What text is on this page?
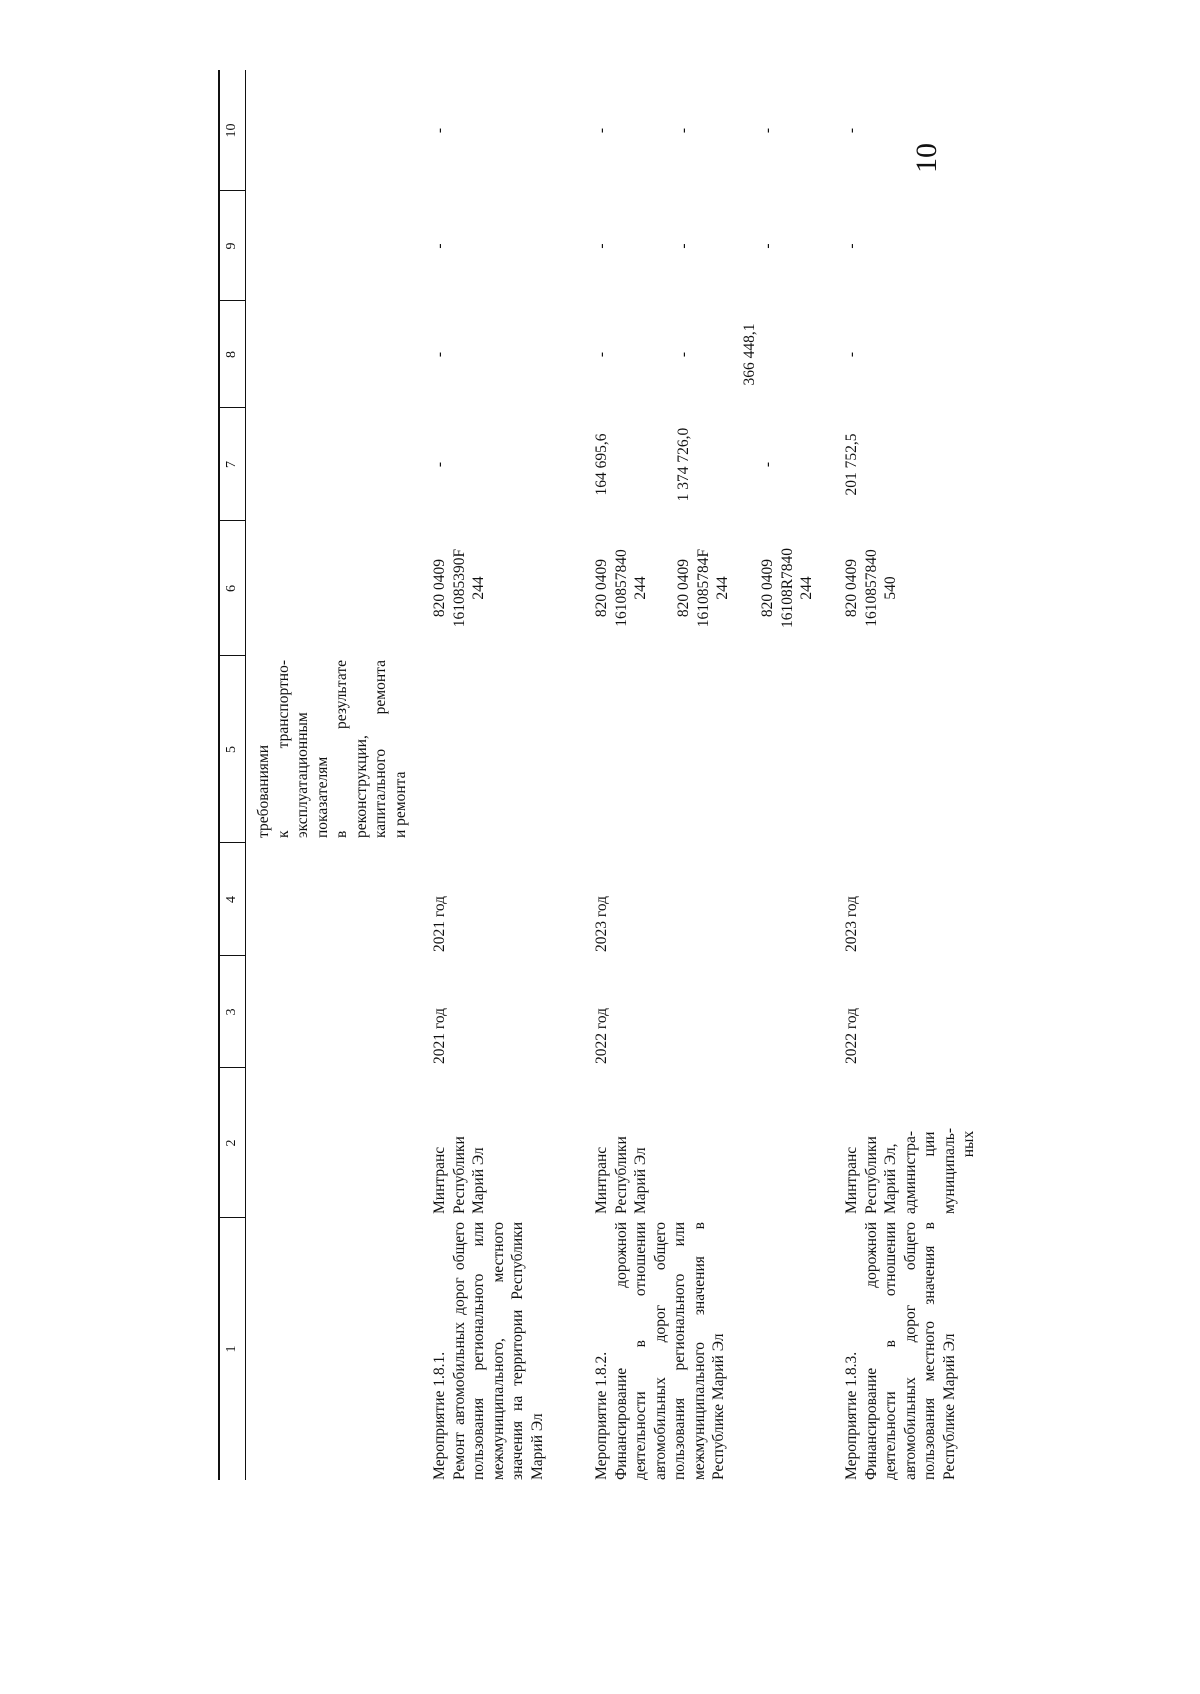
10
1
2
3
4
5
6
7
8
9
10
требованиями к транспортно- эксплуатационным показателям в результате реконструкции, капитального ремонта и ремонта
Мероприятие 1.8.1. Ремонт автомобильных дорог общего пользования регионального или межмуниципального, местного значения на территории Республики Марий Эл
Минтранс Республики Марий Эл
2021 год
2021 год
820 0409 161085390F 244
-
-
-
-
Мероприятие 1.8.2. Финансирование дорожной деятельности в отношении автомобильных дорог общего пользования регионального или межмуниципального значения в Республике Марий Эл
Минтранс Республики Марий Эл
2022 год
2023 год
820 0409 1610857840 244
164 695,6
-
-
-
820 0409 161085784F 244
1 374 726,0
-
-
-
820 0409 16108R7840 244
-
366 448,1
-
-
Мероприятие 1.8.3. Финансирование дорожной деятельности в отношении автомобильных дорог общего пользования местного значения в Республике Марий Эл
Минтранс Республики Марий Эл, администра- ции муниципаль- ных
2022 год
2023 год
820 0409 1610857840 540
201 752,5
-
-
-
